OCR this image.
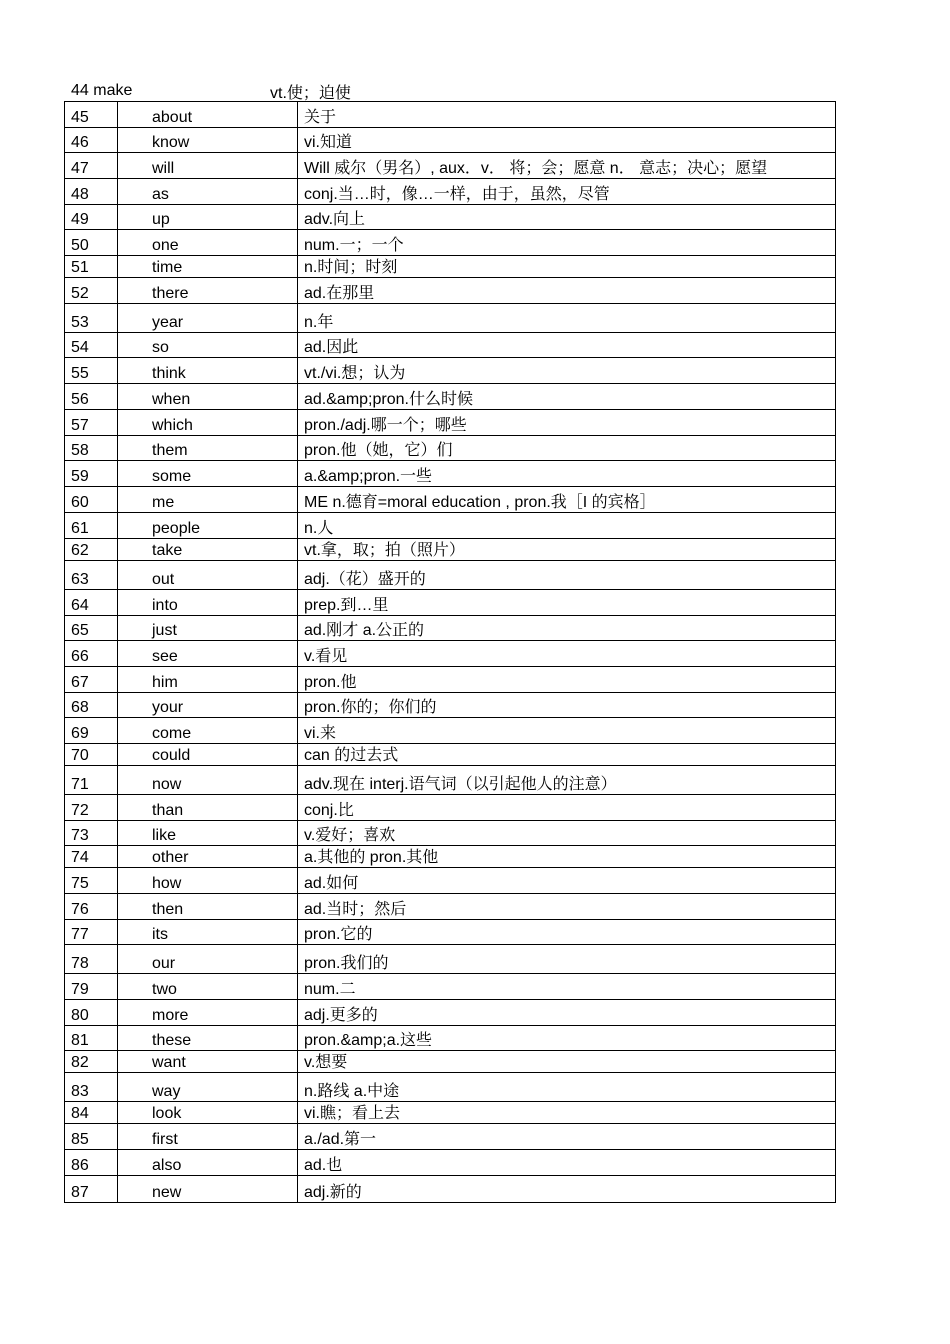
44 make	vt.使；迫使
45	about	关于
46	know	vi.知道
47	will	Will 威尔（男名）, aux．v． 将；会；愿意 n． 意志；决心；愿望
48	as	conj.当…时，像…一样，由于，虽然，尽管
49	up	adv.向上
50	one	num.一；一个
51	time	n.时间；时刻
52	there	ad.在那里
53	year	n.年
54	so	ad.因此
55	think	vt./vi.想；认为
56	when	ad.&amp;pron.什么时候
57	which	pron./adj.哪一个；哪些
58	them	pron.他（她，它）们
59	some	a.&amp;pron.一些
60	me	ME n.德育=moral education , pron.我［I 的宾格］
61	people	n.人
62	take	vt.拿，取；拍（照片）
63	out	adj.（花）盛开的
64	into	prep.到…里
65	just	ad.刚才 a.公正的
66	see	v.看见
67	him	pron.他
68	your	pron.你的；你们的
69	come	vi.来
70	could	can 的过去式
71	now	adv.现在 interj.语气词（以引起他人的注意）
72	than	conj.比
73	like	v.爱好；喜欢
74	other	a.其他的 pron.其他
75	how	ad.如何
76	then	ad.当时；然后
77	its	pron.它的
78	our	pron.我们的
79	two	num.二
80	more	adj.更多的
81	these	pron.&amp;a.这些
82	want	v.想要
83	way	n.路线 a.中途
84	look	vi.瞧；看上去
85	first	a./ad.第一
86	also	ad.也
87	new	adj.新的
